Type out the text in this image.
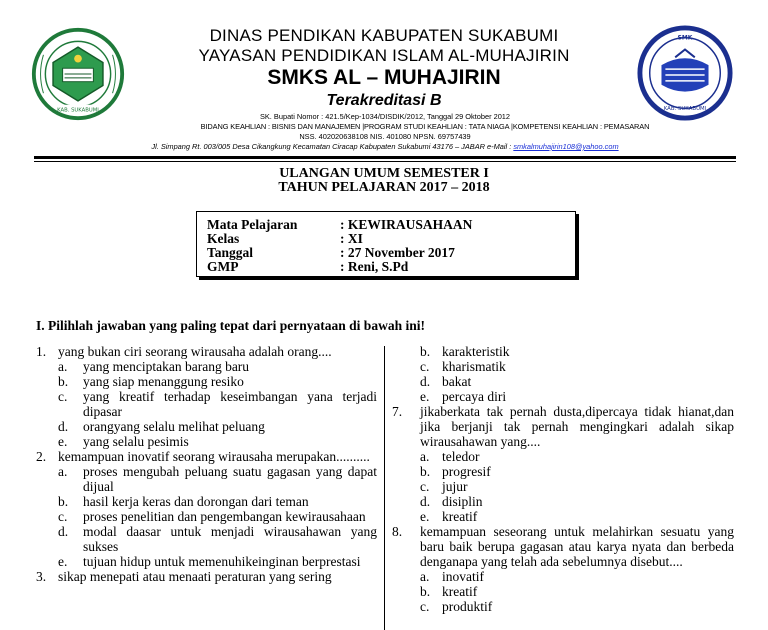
KAB. SUKABUMI
SMK
KAB. SUKABUMI
DINAS PENDIKAN KABUPATEN SUKABUMI
YAYASAN PENDIDIKAN ISLAM AL-MUHAJIRIN
SMKS AL – MUHAJIRIN
Terakreditasi B
SK. Bupati Nomor : 421.5/Kep-1034/DISDIK/2012, Tanggal 29 Oktober 2012
BIDANG KEAHLIAN : BISNIS DAN MANAJEMEN |PROGRAM STUDI KEAHLIAN : TATA NIAGA |KOMPETENSI KEAHLIAN : PEMASARAN
NSS. 402020638108 NIS. 401080 NPSN. 69757439
Jl. Simpang Rt. 003/005 Desa Cikangkung Kecamatan Ciracap Kabupaten Sukabumi 43176 – JABAR e-Mail : smkalmuhajirin108@yahoo.com
ULANGAN UMUM SEMESTER I
TAHUN PELAJARAN 2017 – 2018
Mata Pelajaran	: KEWIRAUSAHAAN
Kelas	: XI
Tanggal	: 27 November 2017
GMP	: Reni, S.Pd
I. Pilihlah jawaban yang paling tepat dari pernyataan di bawah ini!
1. yang bukan ciri seorang wirausaha adalah orang....
a. yang menciptakan barang baru
b. yang siap menanggung resiko
c. yang kreatif terhadap keseimbangan yana terjadi dipasar
d. orangyang selalu melihat peluang
e. yang selalu pesimis
2. kemampuan inovatif seorang wirausaha merupakan..........
a. proses mengubah peluang suatu gagasan yang dapat dijual
b. hasil kerja keras dan dorongan dari teman
c. proses penelitian dan pengembangan kewirausahaan
d. modal daasar untuk menjadi wirausahawan yang sukses
e. tujuan hidup untuk memenuhikeinginan berprestasi
3. sikap menepati atau menaati peraturan yang sering
b. karakteristik
c. kharismatik
d. bakat
e. percaya diri
7. jikaberkata tak pernah dusta,dipercaya tidak hianat,dan jika berjanji tak pernah mengingkari adalah sikap wirausahawan yang....
a. teledor
b. progresif
c. jujur
d. disiplin
e. kreatif
8. kemampuan seseorang untuk melahirkan sesuatu yang baru baik berupa gagasan atau karya nyata dan berbeda denganapa yang telah ada sebelumnya disebut....
a. inovatif
b. kreatif
c. produktif
